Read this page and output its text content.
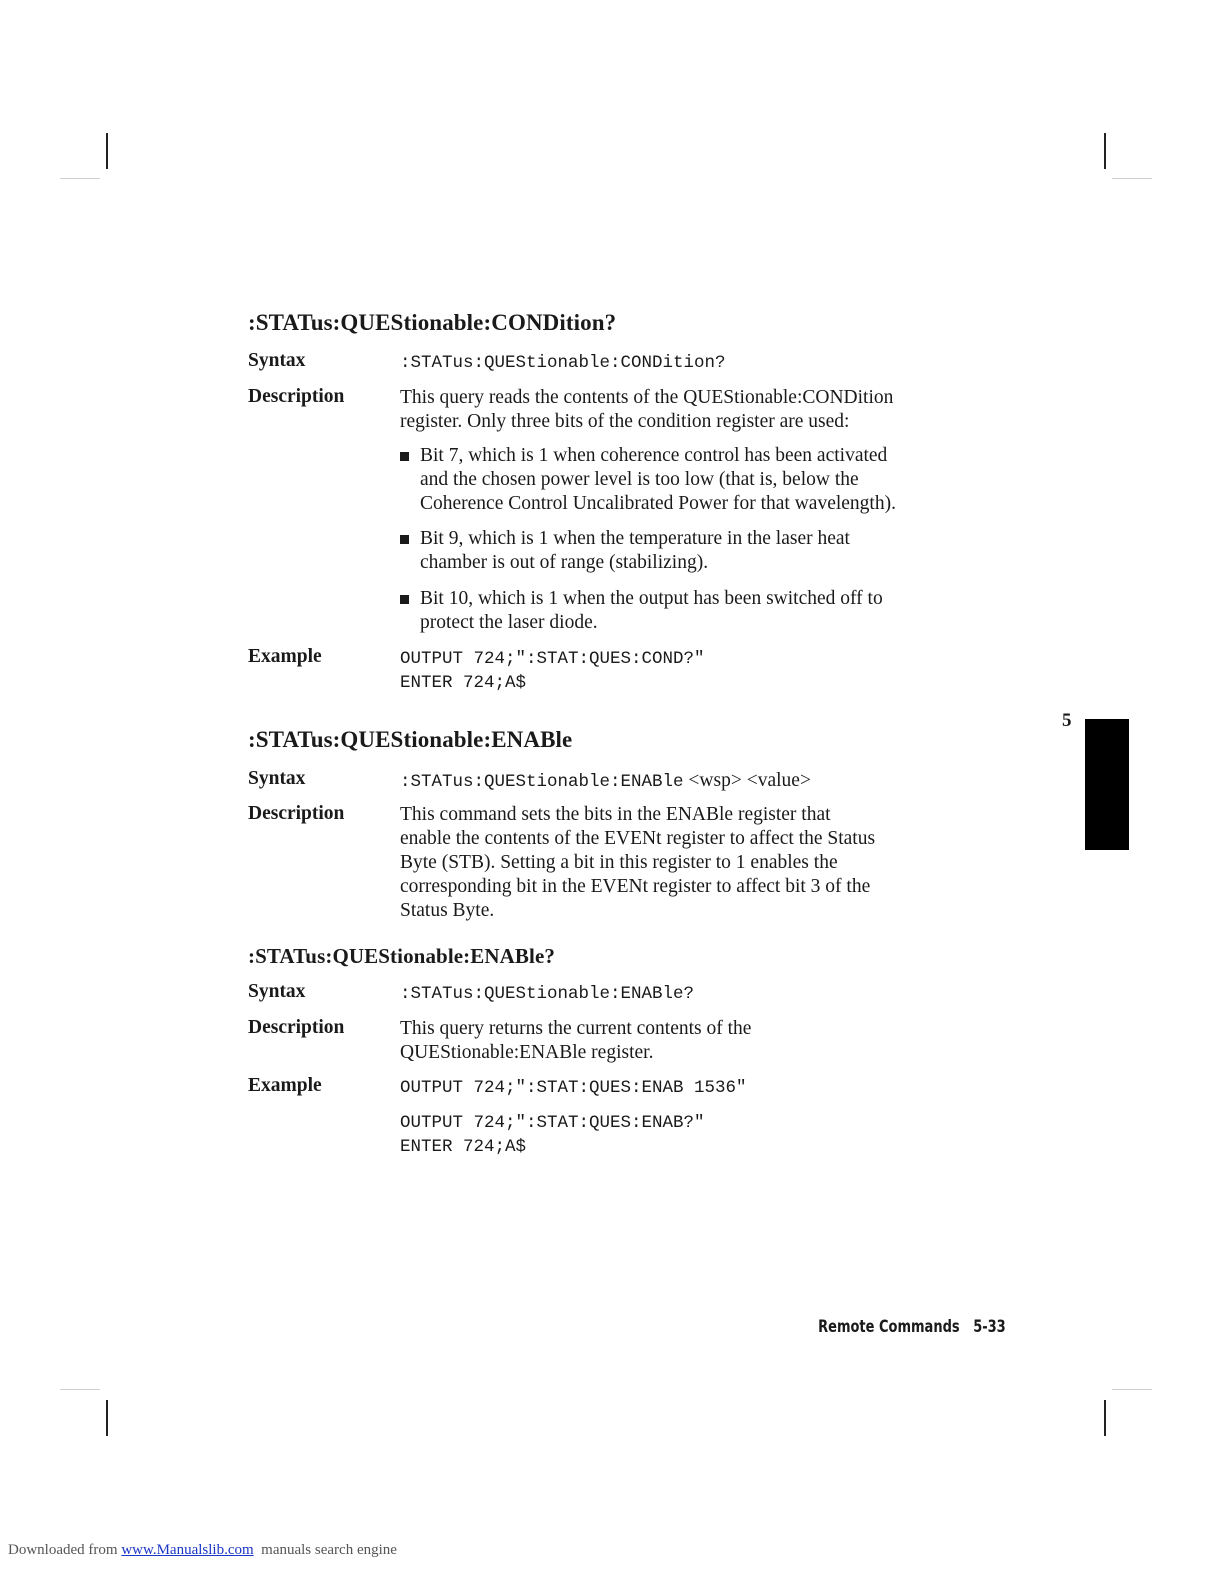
:STATus:QUEStionable:CONDition?
Syntax	:STATus:QUEStionable:CONDition?
Description	This query reads the contents of the QUEStionable:CONDition
register. Only three bits of the condition register are used:
Bit 7, which is 1 when coherence control has been activated
and the chosen power level is too low (that is, below the
Coherence Control Uncalibrated Power for that wavelength).
Bit 9, which is 1 when the temperature in the laser heat
chamber is out of range (stabilizing).
Bit 10, which is 1 when the output has been switched off to
protect the laser diode.
Example	OUTPUT 724;":STAT:QUES:COND?"
ENTER 724;A$
:STATus:QUEStionable:ENABle
Syntax	:STATus:QUEStionable:ENABle <wsp> <value>
Description	This command sets the bits in the ENABle register that
enable the contents of the EVENt register to affect the Status
Byte (STB). Setting a bit in this register to 1 enables the
corresponding bit in the EVENt register to affect bit 3 of the
Status Byte.
:STATus:QUEStionable:ENABle?
Syntax	:STATus:QUEStionable:ENABle?
Description	This query returns the current contents of the
QUEStionable:ENABle register.
Example	OUTPUT 724;":STAT:QUES:ENAB 1536"
OUTPUT 724;":STAT:QUES:ENAB?"
ENTER 724;A$
5
Remote Commands 5-33
Downloaded from www.Manualslib.com manuals search engine
